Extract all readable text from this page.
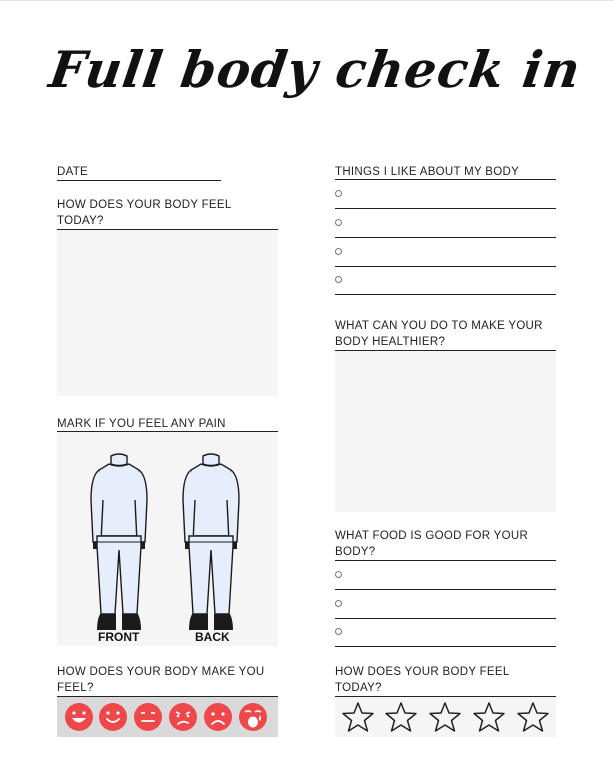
Full body check in
DATE
HOW DOES YOUR BODY FEEL TODAY?
MARK IF YOU FEEL ANY PAIN
FRONT	BACK
HOW DOES YOUR BODY MAKE YOU FEEL?
THINGS I LIKE ABOUT MY BODY
WHAT CAN YOU DO TO MAKE YOUR BODY HEALTHIER?
WHAT FOOD IS GOOD FOR YOUR BODY?
HOW DOES YOUR BODY FEEL TODAY?
